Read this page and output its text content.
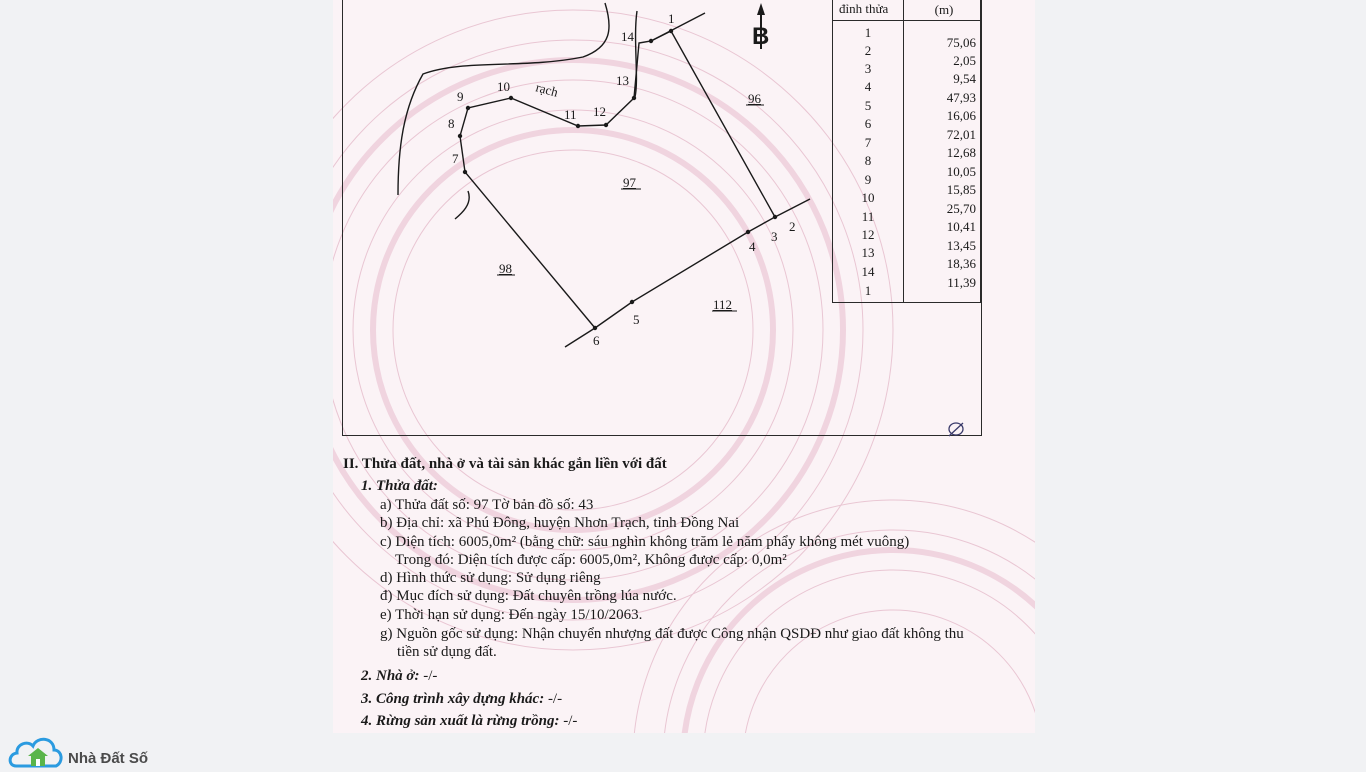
1
2
3
4
5
6
7
8
9
10
11 12
13
14
rạch	96
97
98
112
B
đỉnh thửa	(m)
1
2
3
4
5
6
7
8
9
10
11
12
13
14
1
75,06
2,05
9,54
47,93
16,06
72,01
12,68
10,05
15,85
25,70
10,41
13,45
18,36
11,39
II. Thửa đất, nhà ở và tài sản khác gắn liền với đất
1. Thửa đất:
a) Thửa đất số: 97 Tờ bản đồ số: 43
b) Địa chỉ: xã Phú Đông, huyện Nhơn Trạch, tỉnh Đồng Nai
c) Diện tích: 6005,0m² (bằng chữ: sáu nghìn không trăm lẻ năm phẩy không mét vuông)
Trong đó: Diện tích được cấp: 6005,0m², Không được cấp: 0,0m²
d) Hình thức sử dụng: Sử dụng riêng
đ) Mục đích sử dụng: Đất chuyên trồng lúa nước.
e) Thời hạn sử dụng: Đến ngày 15/10/2063.
g) Nguồn gốc sử dụng: Nhận chuyển nhượng đất được Công nhận QSDĐ như giao đất không thu
tiền sử dụng đất.
2. Nhà ở: -/-
3. Công trình xây dựng khác: -/-
4. Rừng sản xuất là rừng trồng: -/-
Nhà Đất Số
